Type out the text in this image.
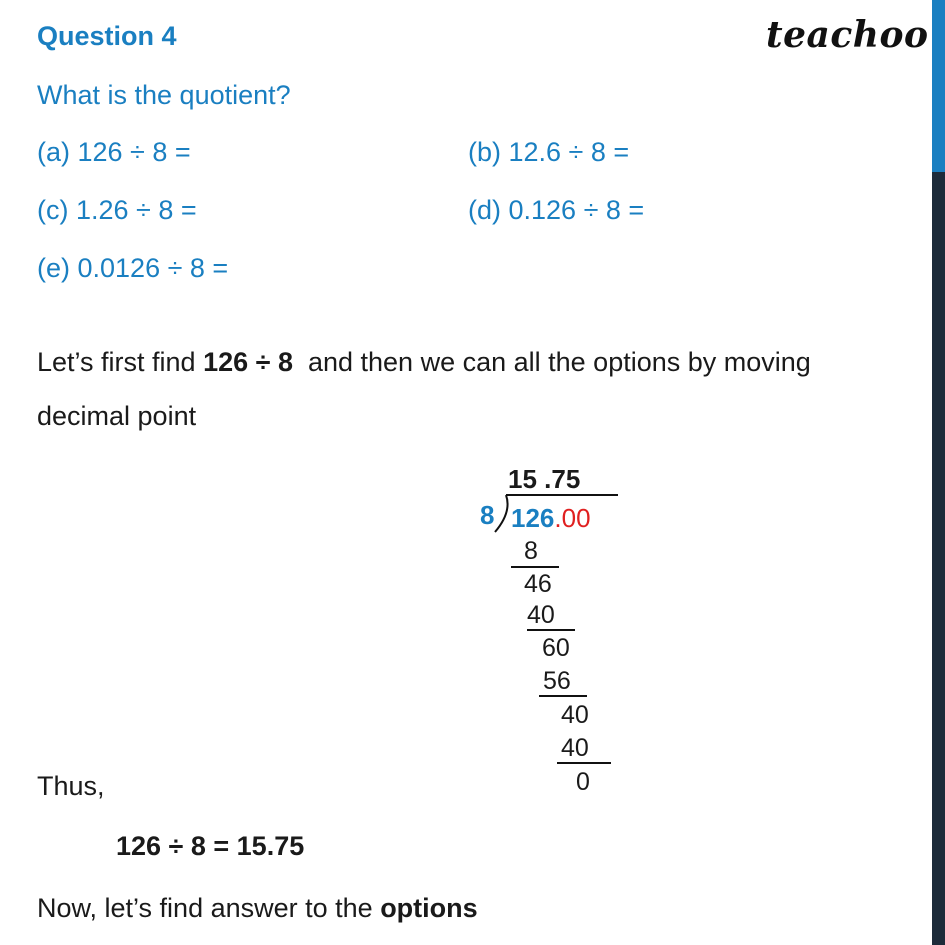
Question 4	teachoo
What is the quotient?
(a) 126 ÷ 8 =	(b) 12.6 ÷ 8 =
(c) 1.26 ÷ 8 =	(d) 0.126 ÷ 8 =
(e) 0.0126 ÷ 8 =
Let’s first find 126 ÷ 8  and then we can all the options by moving
decimal point
15 .75
8 126.00
8
46
40
60
56
40
40
0
Thus,
126 ÷ 8 = 15.75
Now, let’s find answer to the options
